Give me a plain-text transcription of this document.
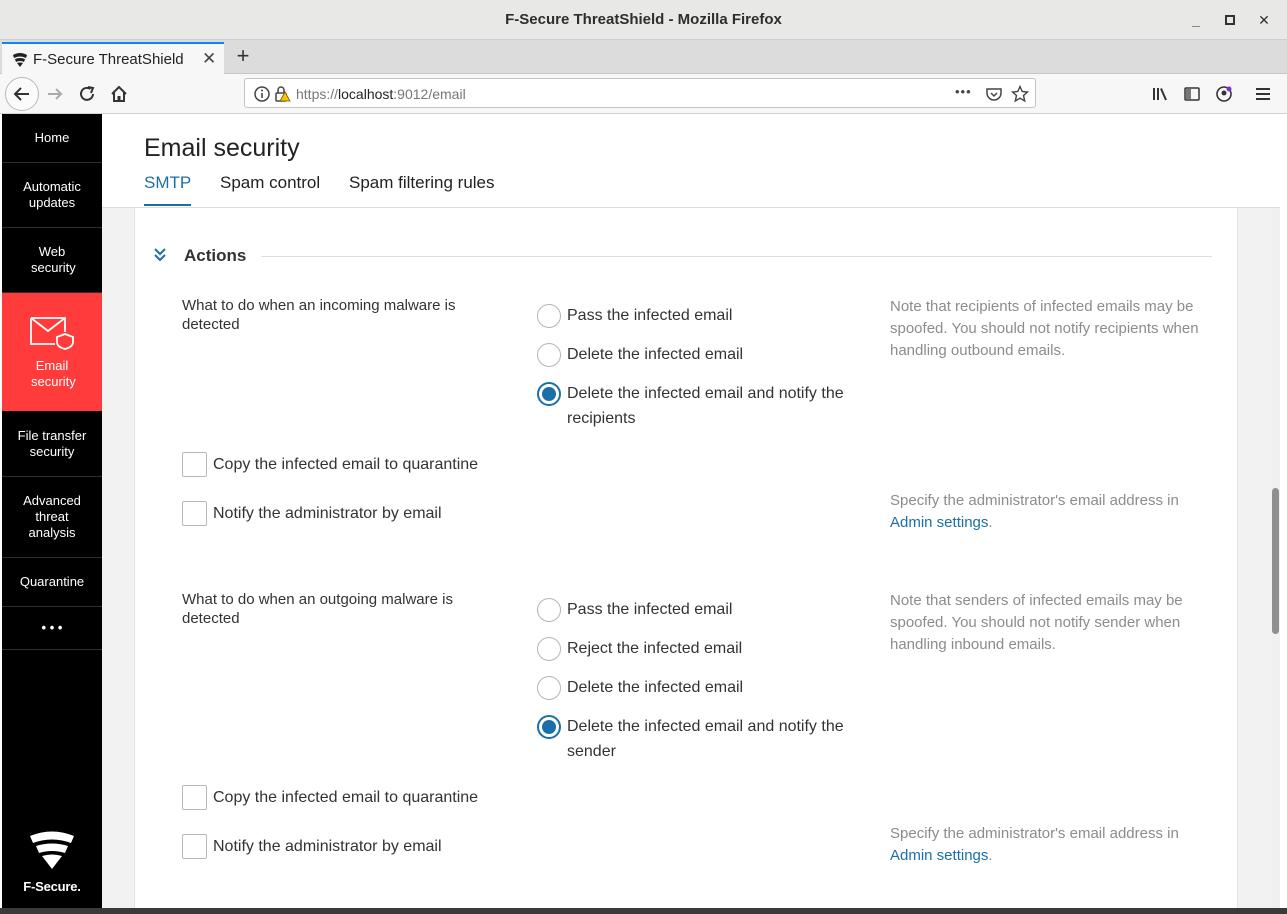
F-Secure ThreatShield - Mozilla Firefox	_	✕
F-Secure ThreatShield ✕ +
https://localhost:9012/email	•••
Home
Automatic updates
Web security
Email security
File transfer security
Advanced threat analysis
Quarantine
• • •
F-Secure.
Email security
SMTP Spam control Spam filtering rules
Actions
What to do when an incoming malware is detected
Pass the infected email
Delete the infected email
Delete the infected email and notify the recipients
Note that recipients of infected emails may be spoofed. You should not notify recipients when handling outbound emails.
Copy the infected email to quarantine
Notify the administrator by email
Specify the administrator's email address in Admin settings.
What to do when an outgoing malware is detected
Pass the infected email
Reject the infected email
Delete the infected email
Delete the infected email and notify the sender
Note that senders of infected emails may be spoofed. You should not notify sender when handling inbound emails.
Copy the infected email to quarantine
Notify the administrator by email
Specify the administrator's email address in Admin settings.
